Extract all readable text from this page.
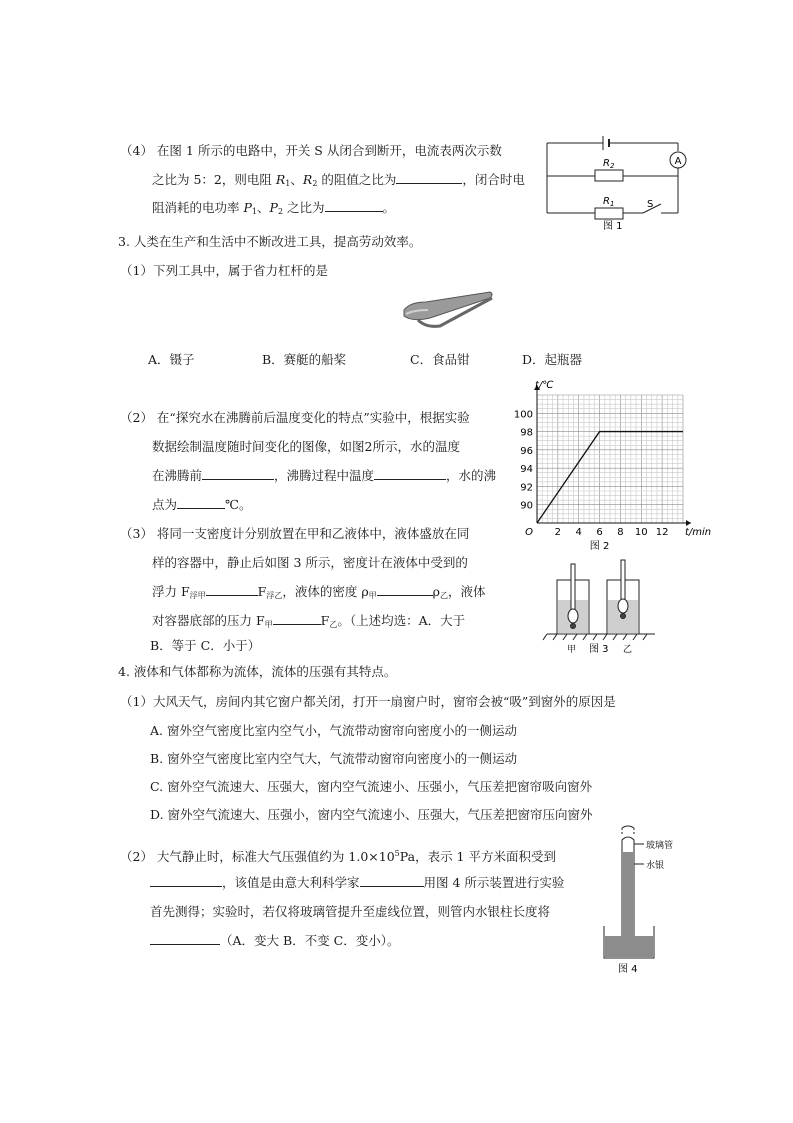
（4） 在图 1 所示的电路中，开关 S 从闭合到断开，电流表两次示数
之比为 5：2，则电阻 $R_1$、$R_2$ 的阻值之比为	，闭合时电
阻消耗的电功率 $P_1$、$P_2$ 之比为	。
A
$R_2$
$R_1$	S
图 1
3. 人类在生产和生活中不断改进工具，提高劳动效率。
（1）下列工具中，属于省力杠杆的是
A．镊子	B．赛艇的船桨	C．食品钳	D．起瓶器
（2） 在“探究水在沸腾前后温度变化的特点”实验中，根据实验
数据绘制温度随时间变化的图像，如图2所示，水的温度
在沸腾前	，沸腾过程中温度	，水的沸
点为	℃。
2 4 6 8 10 12
90
92
94
96
98
100
O
t/℃
t/min
图 2
（3） 将同一支密度计分别放置在甲和乙液体中，液体盛放在同
样的容器中，静止后如图 3 所示，密度计在液体中受到的
浮力 $F_{浮甲}$	$F_{浮乙}$，液体的密度 $\rho_甲$	$\rho_乙$，液体
对容器底部的压力 $F_甲$	$F_乙$。（上述均选：A．大于
B．等于 C．小于）	甲 图 3 乙
4. 液体和气体都称为流体，流体的压强有其特点。
（1）大风天气，房间内其它窗户都关闭，打开一扇窗户时，窗帘会被“吸”到窗外的原因是
A. 窗外空气密度比室内空气小，气流带动窗帘向密度小的一侧运动
B. 窗外空气密度比室内空气大，气流带动窗帘向密度小的一侧运动
C. 窗外空气流速大、压强大，窗内空气流速小、压强小，气压差把窗帘吸向窗外
D. 窗外空气流速大、压强小，窗内空气流速小、压强大，气压差把窗帘压向窗外
（2） 大气静止时，标准大气压强值约为 $1.0\times 10^5Pa$，表示 1 平方米面积受到
，该值是由意大利科学家	用图 4 所示装置进行实验
首先测得；实验时，若仅将玻璃管提升至虚线位置，则管内水银柱长度将
（A．变大 B．不变 C．变小）。
玻璃管
水银
图 4
